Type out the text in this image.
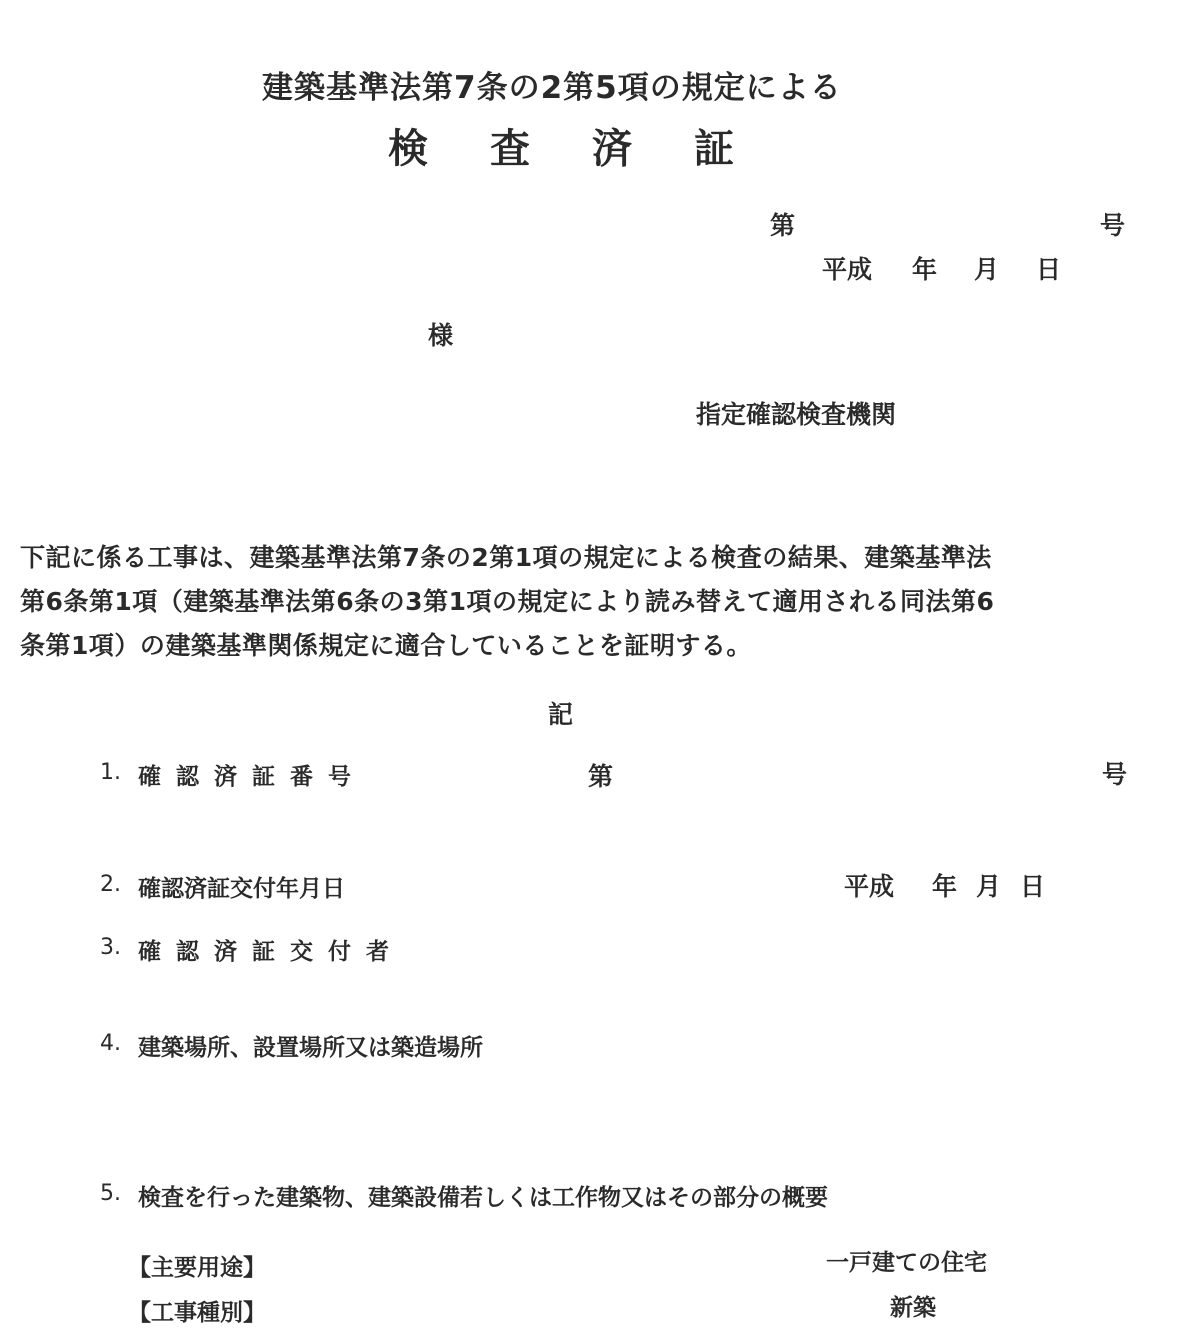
建築基準法第7条の2第5項の規定による
検 査 済 証
第	号
平成 年 月 日
様
指定確認検査機関
下記に係る工事は、建築基準法第7条の2第1項の規定による検査の結果、建築基準法
第6条第1項（建築基準法第6条の3第1項の規定により読み替えて適用される同法第6
条第1項）の建築基準関係規定に適合していることを証明する。
記
1. 確認済証番号	第	号
2. 確認済証交付年月日	平成 年 月 日
3. 確認済証交付者
4. 建築場所、設置場所又は築造場所
5. 検査を行った建築物、建築設備若しくは工作物又はその部分の概要
【主要用途】	一戸建ての住宅
【工事種別】	新築
